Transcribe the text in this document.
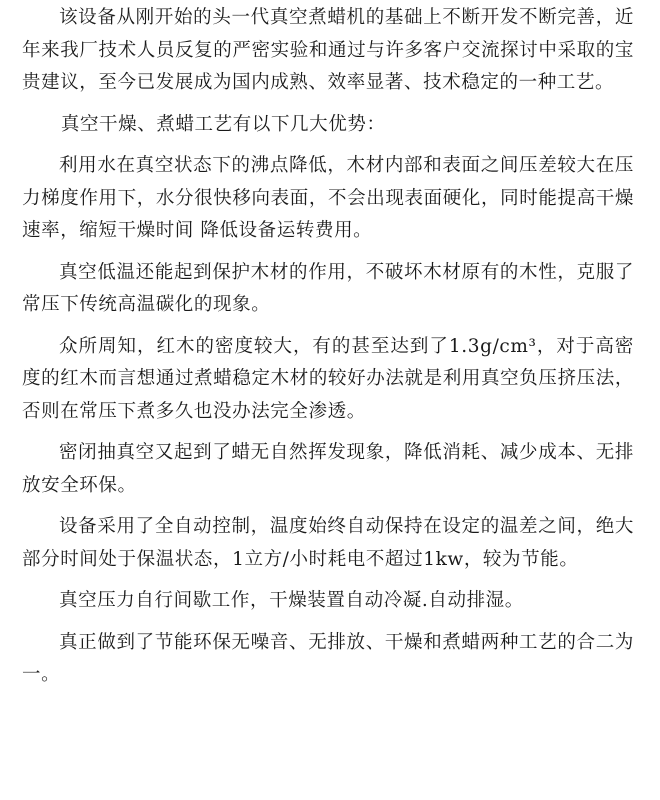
该设备从刚开始的头一代真空煮蜡机的基础上不断开发不断完善，近年来我厂技术人员反复的严密实验和通过与许多客户交流探讨中采取的宝贵建议，至今已发展成为国内成熟、效率显著、技术稳定的一种工艺。

真空干燥、煮蜡工艺有以下几大优势：

利用水在真空状态下的沸点降低，木材内部和表面之间压差较大在压力梯度作用下，水分很快移向表面，不会出现表面硬化，同时能提高干燥速率，缩短干燥时间 降低设备运转费用。

真空低温还能起到保护木材的作用，不破坏木材原有的木性，克服了常压下传统高温碳化的现象。

众所周知，红木的密度较大，有的甚至达到了1.3g/cm³，对于高密度的红木而言想通过煮蜡稳定木材的较好办法就是利用真空负压挤压法，否则在常压下煮多久也没办法完全渗透。

密闭抽真空又起到了蜡无自然挥发现象，降低消耗、减少成本、无排放安全环保。

设备采用了全自动控制，温度始终自动保持在设定的温差之间，绝大部分时间处于保温状态，1立方/小时耗电不超过1kw，较为节能。

真空压力自行间歇工作，干燥装置自动冷凝.自动排湿。

真正做到了节能环保无噪音、无排放、干燥和煮蜡两种工艺的合二为一。
